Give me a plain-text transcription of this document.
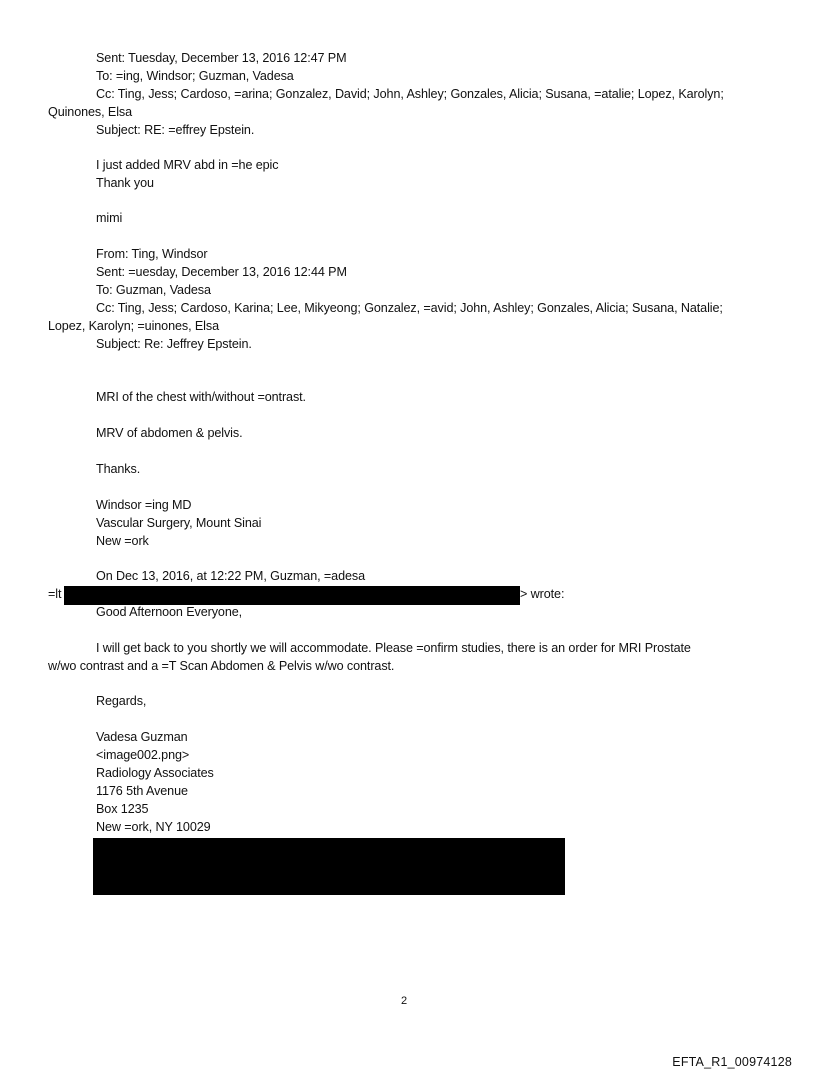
Sent: Tuesday, December 13, 2016 12:47 PM

To: =ing, Windsor; Guzman, Vadesa

Cc: Ting, Jess; Cardoso, =arina; Gonzalez, David; John, Ashley; Gonzales, Alicia; Susana, =atalie; Lopez, Karolyn;

Quinones, Elsa

Subject: RE: =effrey Epstein.

I just added MRV abd in =he epic

Thank you

mimi

From: Ting, Windsor

Sent: =uesday, December 13, 2016 12:44 PM

To: Guzman, Vadesa

Cc: Ting, Jess; Cardoso, Karina; Lee, Mikyeong; Gonzalez, =avid; John, Ashley; Gonzales, Alicia; Susana, Natalie;

Lopez, Karolyn; =uinones, Elsa

Subject: Re: Jeffrey Epstein.

MRI of the chest with/without =ontrast.

MRV of abdomen & pelvis.

Thanks.

Windsor =ing MD

Vascular Surgery, Mount Sinai

New =ork

On Dec 13, 2016, at 12:22 PM, Guzman, =adesa

=lt	> wrote:

Good Afternoon Everyone,

I will get back to you shortly we will accommodate. Please =onfirm studies, there is an order for MRI Prostate

w/wo contrast and a =T Scan Abdomen & Pelvis w/wo contrast.

Regards,

Vadesa Guzman

<image002.png>

Radiology Associates

1176 5th Avenue

Box 1235

New =ork, NY 10029

2
EFTA_R1_00974128
